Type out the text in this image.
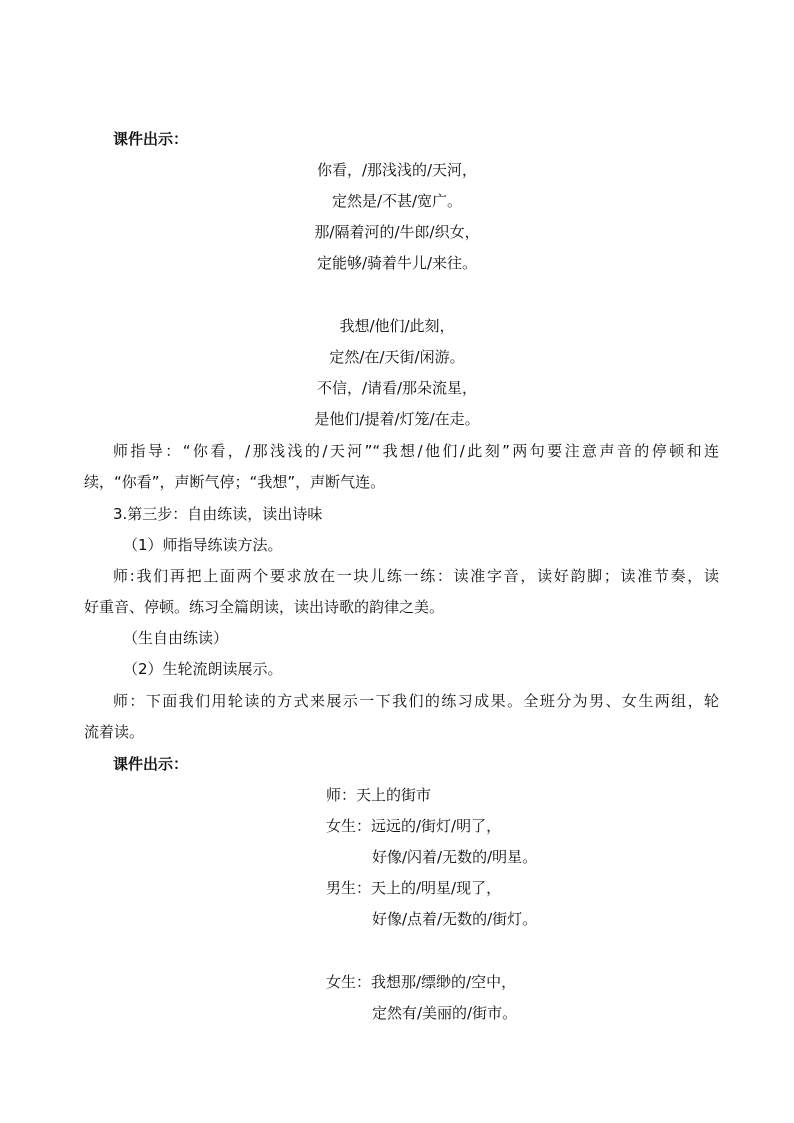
课件出示：
你看，/那浅浅的/天河，
定然是/不甚/宽广。
那/隔着河的/牛郎/织女，
定能够/骑着牛儿/来往。
我想/他们/此刻，
定然/在/天街/闲游。
不信，/请看/那朵流星，
是他们/提着/灯笼/在走。
师指导：“你看，/那浅浅的/天河”“我想/他们/此刻”两句要注意声音的停顿和连
续，“你看”，声断气停；“我想”，声断气连。
3.第三步：自由练读，读出诗味
（1）师指导练读方法。
师:我们再把上面两个要求放在一块儿练一练：读准字音，读好韵脚；读准节奏，读
好重音、停顿。练习全篇朗读，读出诗歌的韵律之美。
（生自由练读）
（2）生轮流朗读展示。
师：下面我们用轮读的方式来展示一下我们的练习成果。全班分为男、女生两组，轮
流着读。
课件出示：
师：天上的街市
女生：远远的/街灯/明了，
好像/闪着/无数的/明星。
男生：天上的/明星/现了，
好像/点着/无数的/街灯。
女生：我想那/缥缈的/空中，
定然有/美丽的/街市。
